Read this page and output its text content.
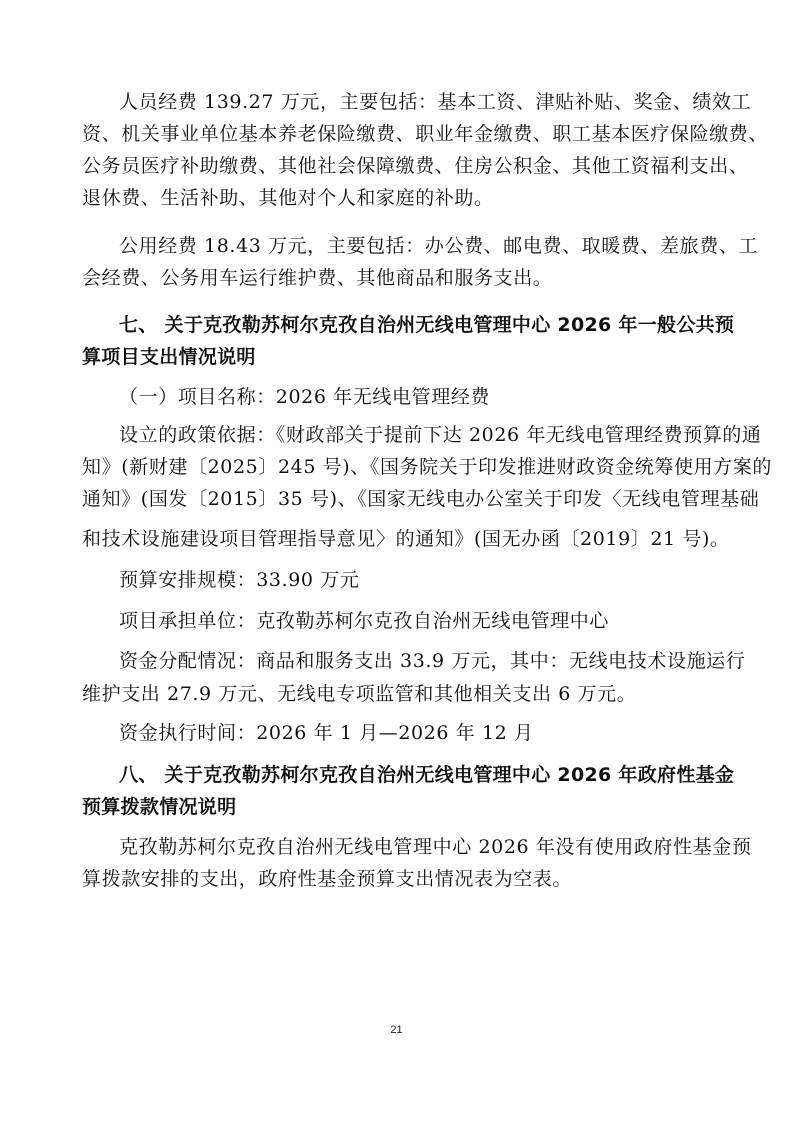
人员经费 139.27 万元，主要包括：基本工资、津贴补贴、奖金、绩效工
资、机关事业单位基本养老保险缴费、职业年金缴费、职工基本医疗保险缴费、
公务员医疗补助缴费、其他社会保障缴费、住房公积金、其他工资福利支出、
退休费、生活补助、其他对个人和家庭的补助。
公用经费 18.43 万元，主要包括：办公费、邮电费、取暖费、差旅费、工
会经费、公务用车运行维护费、其他商品和服务支出。
七、 关于克孜勒苏柯尔克孜自治州无线电管理中心 2026 年一般公共预
算项目支出情况说明
（一）项目名称：2026 年无线电管理经费
设立的政策依据：《财政部关于提前下达 2026 年无线电管理经费预算的通
知》(新财建〔2025〕245 号)、《国务院关于印发推进财政资金统筹使用方案的
通知》(国发〔2015〕35 号)、《国家无线电办公室关于印发〈无线电管理基础
和技术设施建设项目管理指导意见〉的通知》(国无办函〔2019〕21 号)。
预算安排规模：33.90 万元
项目承担单位：克孜勒苏柯尔克孜自治州无线电管理中心
资金分配情况：商品和服务支出 33.9 万元，其中：无线电技术设施运行
维护支出 27.9 万元、无线电专项监管和其他相关支出 6 万元。
资金执行时间：2026 年 1 月—2026 年 12 月
八、 关于克孜勒苏柯尔克孜自治州无线电管理中心 2026 年政府性基金
预算拨款情况说明
克孜勒苏柯尔克孜自治州无线电管理中心 2026 年没有使用政府性基金预
算拨款安排的支出，政府性基金预算支出情况表为空表。
21
